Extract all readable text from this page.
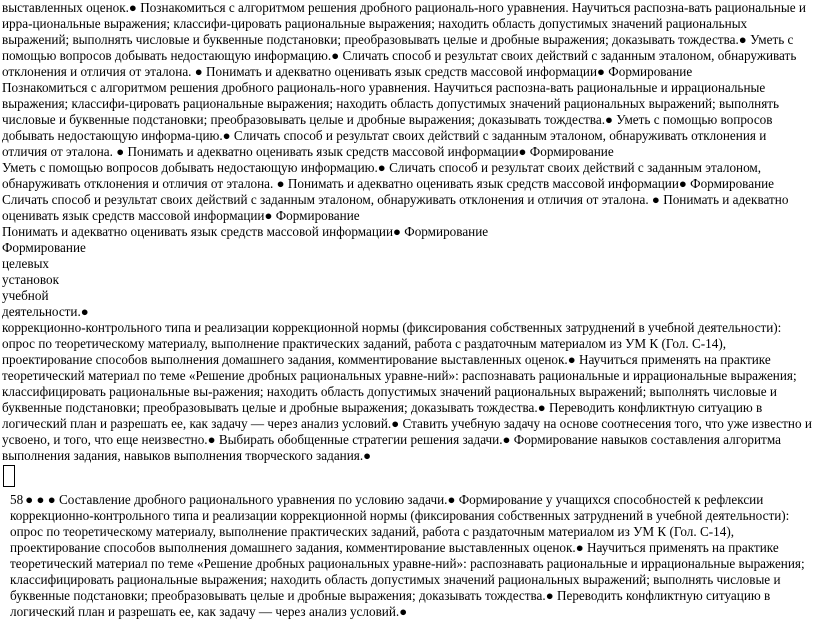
выставленных оценок.● Познакомиться с алгоритмом решения дробного рациональ-ного уравнения. Научиться распозна-вать рациональные и ирра-циональные выражения; классифи-цировать рациональные выражения; находить область допустимых значений рациональных выражений; выполнять числовые и буквенные подстановки; преобразовывать целые и дробные выражения; доказывать тождества.● Уметь с помощью вопросов добывать недостающую информацию.● Сличать способ и результат своих действий с заданным эталоном, обнаруживать отклонения и отличия от эталона. ● Понимать и адекватно оценивать язык средств массовой информации● Формирование

Познакомиться с алгоритмом решения дробного рациональ-ного уравнения. Научиться распозна-вать рациональные и иррациональные выражения; классифи-цировать рациональные выражения; находить область допустимых значений рациональных выражений; выполнять числовые и буквенные подстановки; преобразовывать целые и дробные выражения; доказывать тождества.● Уметь с помощью вопросов добывать недостающую информа-цию.● Сличать способ и результат своих действий с заданным эталоном, обнаруживать отклонения и отличия от эталона. ● Понимать и адекватно оценивать язык средств массовой информации● Формирование

Уметь с помощью вопросов добывать недостающую информацию.● Сличать способ и результат своих действий с заданным эталоном, обнаруживать отклонения и отличия от эталона. ● Понимать и адекватно оценивать язык средств массовой информации● Формирование

Сличать способ и результат своих действий с заданным эталоном, обнаруживать отклонения и отличия от эталона. ● Понимать и адекватно оценивать язык средств массовой информации● Формирование

Понимать и адекватно оценивать язык средств массовой информации● Формирование

Формирование

целевых

установок

учебной

деятельности.●

коррекционно-контрольного типа и реализации коррекционной нормы (фиксирования собственных затруднений в учебной деятельности): опрос по теоретическому материалу, выполнение практических заданий, работа с раздаточным материалом из УМ К (Гол. С-14), проектирование способов выполнения домашнего задания, комментирование выставленных оценок.● Научиться применять на практике теоретический материал по теме «Решение дробных рациональных уравне-ний»: распознавать рациональные и иррациональные выражения; классифицировать рациональные вы-ражения; находить область допустимых значений рациональных выражений; выполнять числовые и буквенные подстановки; преобразовывать целые и дробные выражения; доказывать тождества.● Переводить конфликтную ситуацию в логический план и разрешать ее, как задачу — через анализ условий.● Ставить учебную задачу на основе соотнесения того, что уже известно и усвоено, и того, что еще неизвестно.● Выбирать обобщенные стратегии решения задачи.● Формирование навыков составления алгоритма выполнения задания, навыков выполнения творческого задания.●

58 ● ● ● Составление дробного рационального уравнения по условию задачи.● Формирование у учащихся способностей к рефлексии коррекционно-контрольного типа и реализации коррекционной нормы (фиксирования собственных затруднений в учебной деятельности): опрос по теоретическому материалу, выполнение практических заданий, работа с раздаточным материалом из УМ К (Гол. С-14), проектирование способов выполнения домашнего задания, комментирование выставленных оценок.● Научиться применять на практике теоретический материал по теме «Решение дробных рациональных уравне-ний»: распознавать рациональные и иррациональные выражения; классифицировать рациональные выражения; находить область допустимых значений рациональных выражений; выполнять числовые и буквенные подстановки; преобразовывать целые и дробные выражения; доказывать тождества.● Переводить конфликтную ситуацию в логический план и разрешать ее, как задачу — через анализ условий.●
